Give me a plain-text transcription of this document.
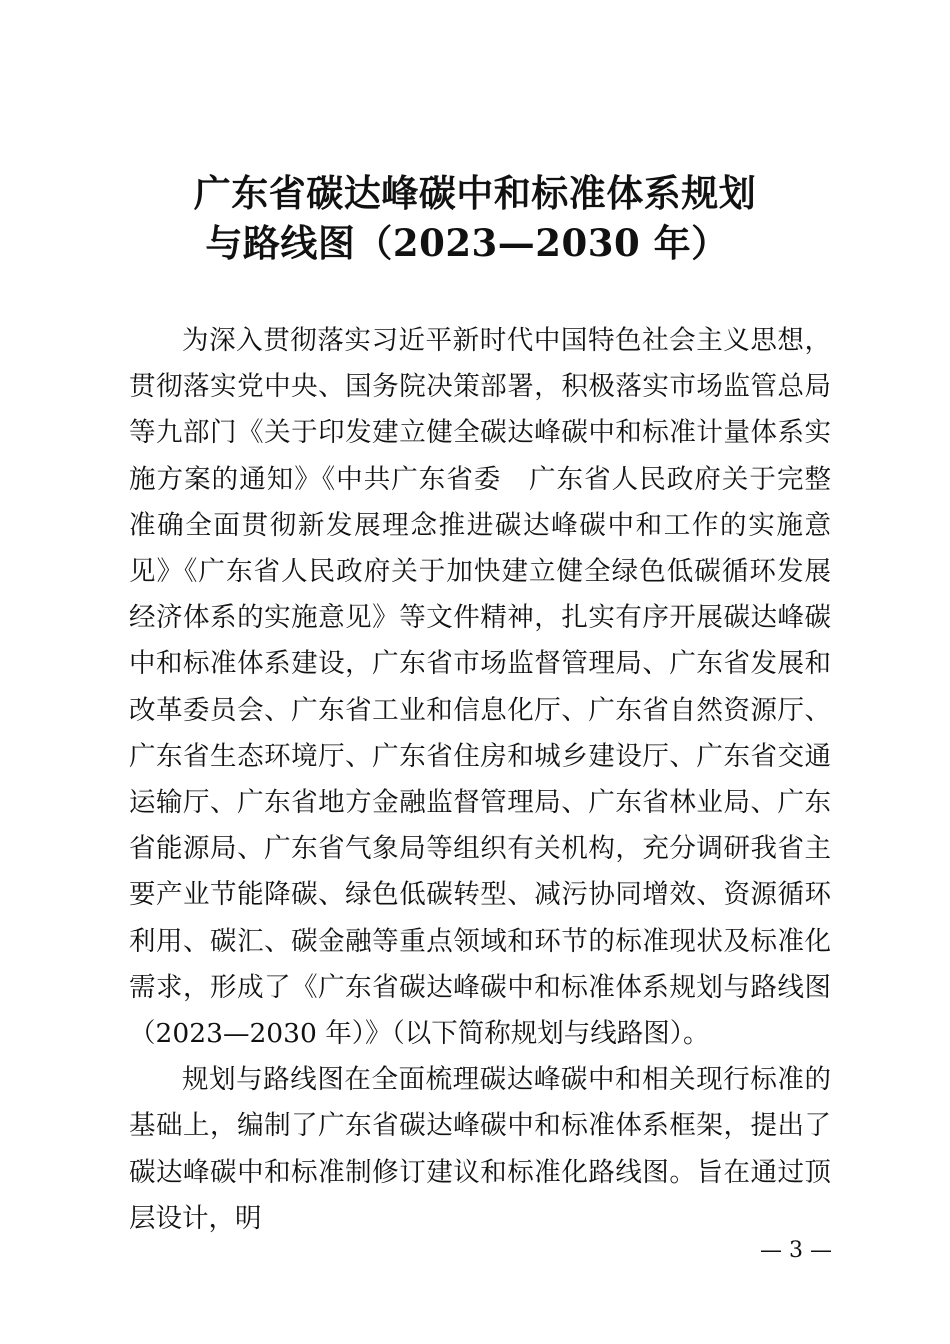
广东省碳达峰碳中和标准体系规划
与路线图（2023—2030 年）

为深入贯彻落实习近平新时代中国特色社会主义思想，贯彻落实党中央、国务院决策部署，积极落实市场监管总局等九部门《关于印发建立健全碳达峰碳中和标准计量体系实施方案的通知》《中共广东省委　广东省人民政府关于完整准确全面贯彻新发展理念推进碳达峰碳中和工作的实施意见》《广东省人民政府关于加快建立健全绿色低碳循环发展经济体系的实施意见》等文件精神，扎实有序开展碳达峰碳中和标准体系建设，广东省市场监督管理局、广东省发展和改革委员会、广东省工业和信息化厅、广东省自然资源厅、广东省生态环境厅、广东省住房和城乡建设厅、广东省交通运输厅、广东省地方金融监督管理局、广东省林业局、广东省能源局、广东省气象局等组织有关机构，充分调研我省主要产业节能降碳、绿色低碳转型、减污协同增效、资源循环利用、碳汇、碳金融等重点领域和环节的标准现状及标准化需求，形成了《广东省碳达峰碳中和标准体系规划与路线图（2023—2030 年）》（以下简称规划与线路图）。

规划与路线图在全面梳理碳达峰碳中和相关现行标准的基础上，编制了广东省碳达峰碳中和标准体系框架，提出了碳达峰碳中和标准制修订建议和标准化路线图。旨在通过顶层设计，明

— 3 —
